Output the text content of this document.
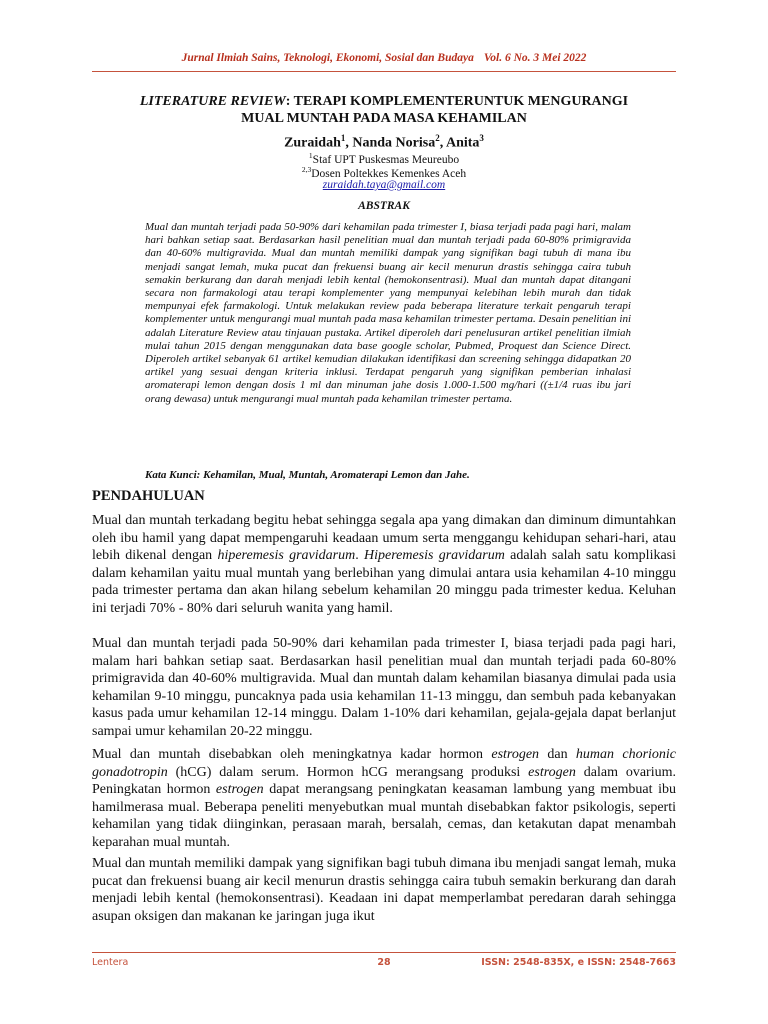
Jurnal Ilmiah Sains, Teknologi, Ekonomi, Sosial dan Budaya Vol. 6 No. 3 Mei 2022
LITERATURE REVIEW: TERAPI KOMPLEMENTERUNTUK MENGURANGI
MUAL MUNTAH PADA MASA KEHAMILAN
Zuraidah$^1$, Nanda Norisa$^2$, Anita$^3$
$^1$Staf UPT Puskesmas Meureubo
$^{2,3}$Dosen Poltekkes Kemenkes Aceh
zuraidah.taya@gmail.com
ABSTRAK

Mual dan muntah terjadi pada 50-90% dari kehamilan pada trimester I, biasa terjadi pada pagi hari, malam hari bahkan setiap saat. Berdasarkan hasil penelitian mual dan muntah terjadi pada 60-80% primigravida dan 40-60% multigravida. Mual dan muntah memiliki dampak yang signifikan bagi tubuh di mana ibu menjadi sangat lemah, muka pucat dan frekuensi buang air kecil menurun drastis sehingga caira tubuh semakin berkurang dan darah menjadi lebih kental (hemokonsentrasi). Mual dan muntah dapat ditangani secara non farmakologi atau terapi komplementer yang mempunyai kelebihan lebih murah dan tidak mempunyai efek farmakologi. Untuk melakukan review pada beberapa literature terkait pengaruh terapi komplementer untuk mengurangi mual muntah pada masa kehamilan trimester pertama. Desain penelitian ini adalah Literature Review atau tinjauan pustaka. Artikel diperoleh dari penelusuran artikel penelitian ilmiah mulai tahun 2015 dengan menggunakan data base google scholar, Pubmed, Proquest dan Science Direct. Diperoleh artikel sebanyak 61 artikel kemudian dilakukan identifikasi dan screening sehingga didapatkan 20 artikel yang sesuai dengan kriteria inklusi. Terdapat pengaruh yang signifikan pemberian inhalasi aromaterapi lemon dengan dosis 1 ml dan minuman jahe dosis 1.000-1.500 mg/hari ((±1/4 ruas ibu jari orang dewasa) untuk mengurangi mual muntah pada kehamilan trimester pertama.

Kata Kunci: Kehamilan, Mual, Muntah, Aromaterapi Lemon dan Jahe.

PENDAHULUAN

Mual dan muntah terkadang begitu hebat sehingga segala apa yang dimakan dan diminum dimuntahkan oleh ibu hamil yang dapat mempengaruhi keadaan umum serta menggangu kehidupan sehari-hari, atau lebih dikenal dengan hiperemesis gravidarum. Hiperemesis gravidarum adalah salah satu komplikasi dalam kehamilan yaitu mual muntah yang berlebihan yang dimulai antara usia kehamilan 4-10 minggu pada trimester pertama dan akan hilang sebelum kehamilan 20 minggu pada trimester kedua. Keluhan ini terjadi 70% - 80% dari seluruh wanita yang hamil.

Mual dan muntah terjadi pada 50-90% dari kehamilan pada trimester I, biasa terjadi pada pagi hari, malam hari bahkan setiap saat. Berdasarkan hasil penelitian mual dan muntah terjadi pada 60-80% primigravida dan 40-60% multigravida. Mual dan muntah dalam kehamilan biasanya dimulai pada usia kehamilan 9-10 minggu, puncaknya pada usia kehamilan 11-13 minggu, dan sembuh pada kebanyakan kasus pada umur kehamilan 12-14 minggu. Dalam 1-10% dari kehamilan, gejala-gejala dapat berlanjut sampai umur kehamilan 20-22 minggu.

Mual dan muntah disebabkan oleh meningkatnya kadar hormon estrogen dan human chorionic gonadotropin (hCG) dalam serum. Hormon hCG merangsang produksi estrogen dalam ovarium. Peningkatan hormon estrogen dapat merangsang peningkatan keasaman lambung yang membuat ibu hamilmerasa mual. Beberapa peneliti menyebutkan mual muntah disebabkan faktor psikologis, seperti kehamilan yang tidak diinginkan, perasaan marah, bersalah, cemas, dan ketakutan dapat menambah keparahan mual muntah.

Mual dan muntah memiliki dampak yang signifikan bagi tubuh dimana ibu menjadi sangat lemah, muka pucat dan frekuensi buang air kecil menurun drastis sehingga caira tubuh semakin berkurang dan darah menjadi lebih kental (hemokonsentrasi). Keadaan ini dapat memperlambat peredaran darah sehingga asupan oksigen dan makanan ke jaringan juga ikut

Lentera	28	ISSN: 2548-835X, e ISSN: 2548-7663
